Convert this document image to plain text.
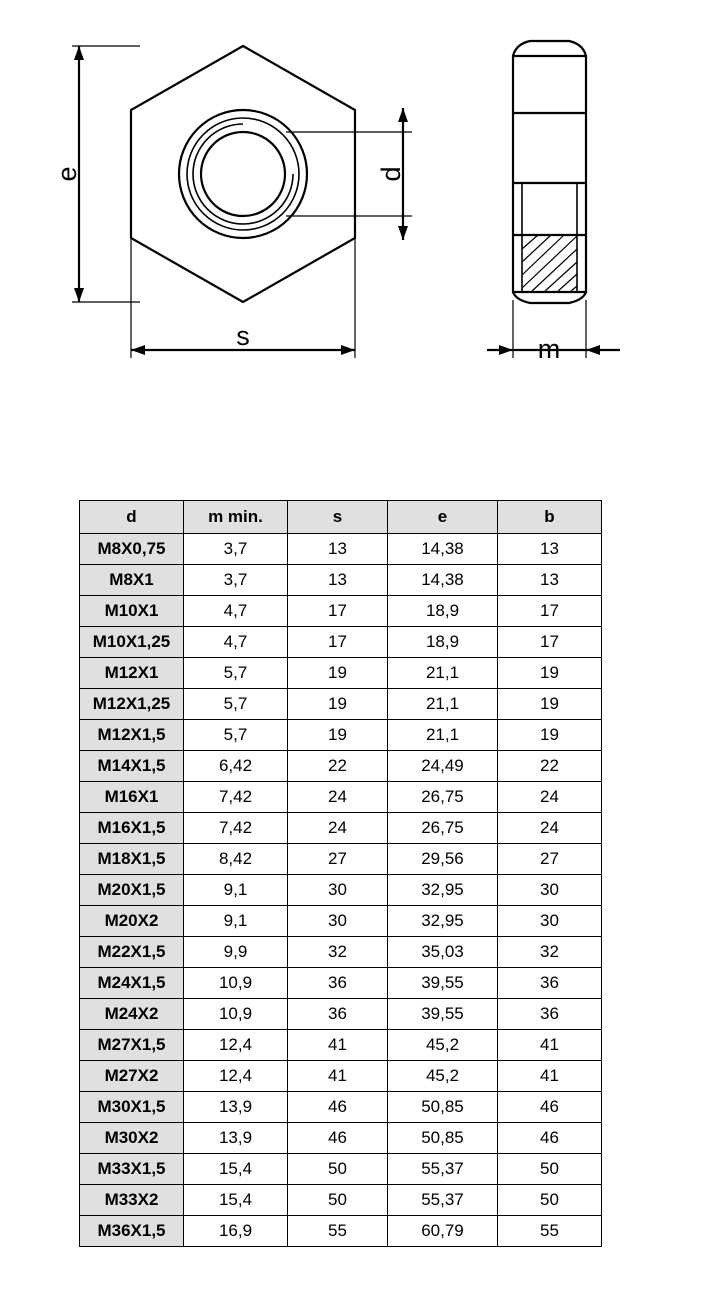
e	d
s	m
d	m min.	s	e	b
M8X0,75	3,7	13	14,38	13
M8X1	3,7	13	14,38	13
M10X1	4,7	17	18,9	17
M10X1,25	4,7	17	18,9	17
M12X1	5,7	19	21,1	19
M12X1,25	5,7	19	21,1	19
M12X1,5	5,7	19	21,1	19
M14X1,5	6,42	22	24,49	22
M16X1	7,42	24	26,75	24
M16X1,5	7,42	24	26,75	24
M18X1,5	8,42	27	29,56	27
M20X1,5	9,1	30	32,95	30
M20X2	9,1	30	32,95	30
M22X1,5	9,9	32	35,03	32
M24X1,5	10,9	36	39,55	36
M24X2	10,9	36	39,55	36
M27X1,5	12,4	41	45,2	41
M27X2	12,4	41	45,2	41
M30X1,5	13,9	46	50,85	46
M30X2	13,9	46	50,85	46
M33X1,5	15,4	50	55,37	50
M33X2	15,4	50	55,37	50
M36X1,5	16,9	55	60,79	55
